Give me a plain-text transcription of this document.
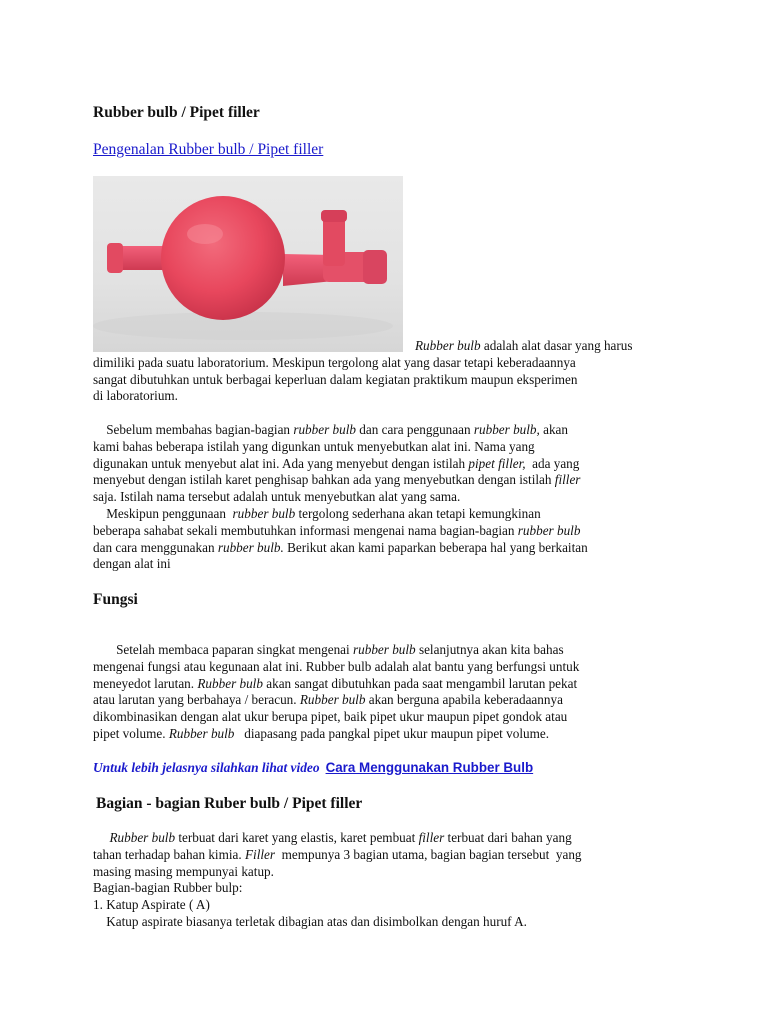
Rubber bulb / Pipet filler
Pengenalan Rubber bulb / Pipet filler

Rubber bulb adalah alat dasar yang harus

dimiliki pada suatu laboratorium. Meskipun tergolong alat yang dasar tetapi keberadaannya

sangat dibutuhkan untuk berbagai keperluan dalam kegiatan praktikum maupun eksperimen

di laboratorium.

Sebelum membahas bagian-bagian rubber bulb dan cara penggunaan rubber bulb, akan

kami bahas beberapa istilah yang digunkan untuk menyebutkan alat ini. Nama yang

digunakan untuk menyebut alat ini. Ada yang menyebut dengan istilah pipet filler,  ada yang

menyebut dengan istilah karet penghisap bahkan ada yang menyebutkan dengan istilah filler

saja. Istilah nama tersebut adalah untuk menyebutkan alat yang sama.

Meskipun penggunaan  rubber bulb tergolong sederhana akan tetapi kemungkinan

beberapa sahabat sekali membutuhkan informasi mengenai nama bagian-bagian rubber bulb

dan cara menggunakan rubber bulb. Berikut akan kami paparkan beberapa hal yang berkaitan

dengan alat ini

Fungsi

Setelah membaca paparan singkat mengenai rubber bulb selanjutnya akan kita bahas

mengenai fungsi atau kegunaan alat ini. Rubber bulb adalah alat bantu yang berfungsi untuk

meneyedot larutan. Rubber bulb akan sangat dibutuhkan pada saat mengambil larutan pekat

atau larutan yang berbahaya / beracun. Rubber bulb akan berguna apabila keberadaannya

dikombinasikan dengan alat ukur berupa pipet, baik pipet ukur maupun pipet gondok atau

pipet volume. Rubber bulb   diapasang pada pangkal pipet ukur maupun pipet volume.

Untuk lebih jelasnya silahkan lihat video Cara Menggunakan Rubber Bulb
Bagian - bagian Ruber bulb / Pipet filler

Rubber bulb terbuat dari karet yang elastis, karet pembuat filler terbuat dari bahan yang

tahan terhadap bahan kimia. Filler  mempunya 3 bagian utama, bagian bagian tersebut  yang

masing masing mempunyai katup.

Bagian-bagian Rubber bulp:

1. Katup Aspirate ( A)

Katup aspirate biasanya terletak dibagian atas dan disimbolkan dengan huruf A.
